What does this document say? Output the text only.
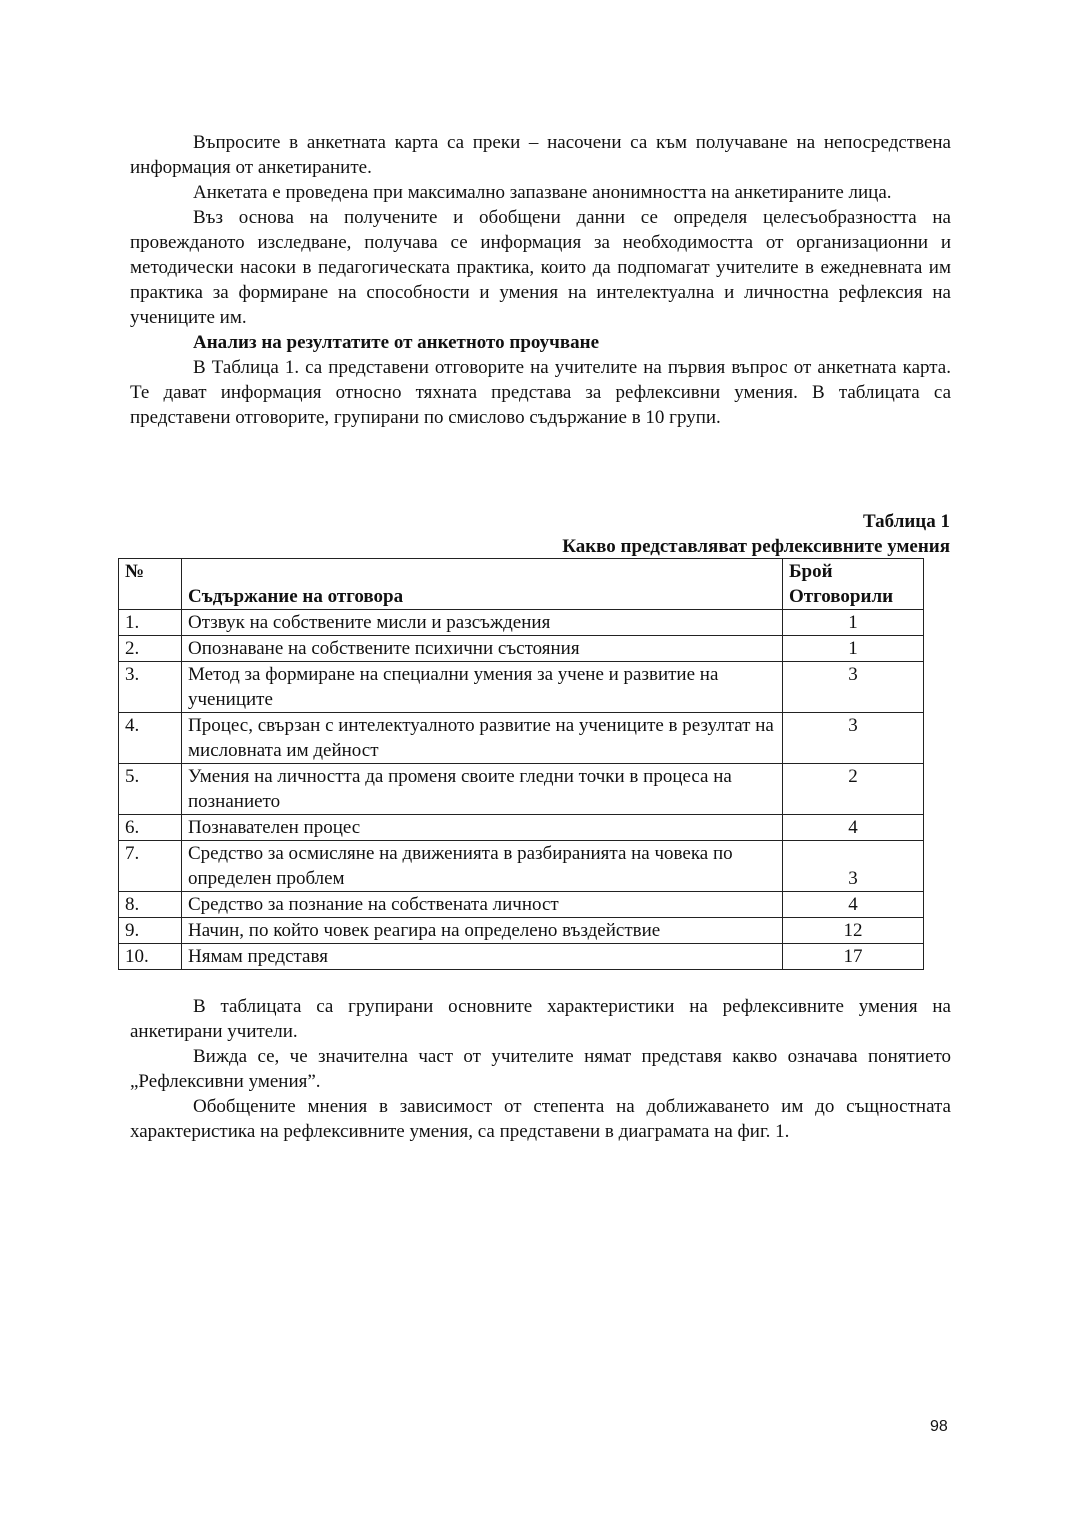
Въпросите в анкетната карта са преки – насочени са към получаване на непосредствена информация от анкетираните.

Анкетата е проведена при максимално запазване анонимността на анкетираните лица.

Въз основа на получените и обобщени данни се определя целесъобразността на провежданото изследване, получава се информация за необходимостта от организационни и методически насоки в педагогическата практика, които да подпомагат учителите в ежедневната им практика за формиране на способности и умения на интелектуална и личностна рефлексия на учениците им.

Анализ на резултатите от анкетното проучване

В Таблица 1. са представени отговорите на учителите на първия въпрос от анкетната карта. Те дават информация относно тяхната представа за рефлексивни умения. В таблицата са представени отговорите, групирани по смислово съдържание в 10 групи.

Таблица 1
Какво представляват рефлексивните умения
№	Съдържание на отговора	Брой
Отговорили

1.	Отзвук на собствените мисли и разсъждения	1
2.	Опознаване на собствените психични състояния	1
3.	Метод за формиране на специални умения за учене и развитие на учениците	3
4.	Процес, свързан с интелектуалното развитие на учениците в резултат на мисловната им дейност	3
5.	Умения на личността да променя своите гледни точки в процеса на познанието	2
6.	Познавателен процес	4
7.	Средство за осмисляне на движенията в разбиранията на човека по определен проблем	3
8.	Средство за познание на собствената личност	4
9.	Начин, по който човек реагира на определено въздействие	12
10.	Нямам представя	17

В таблицата са групирани основните характеристики на рефлексивните умения на анкетирани учители.

Вижда се, че значителна част от учителите нямат представя какво означава понятието „Рефлексивни умения”.

Обобщените мнения в зависимост от степента на доближаването им до същностната характеристика на рефлексивните умения, са представени в диаграмата на фиг. 1.

98
